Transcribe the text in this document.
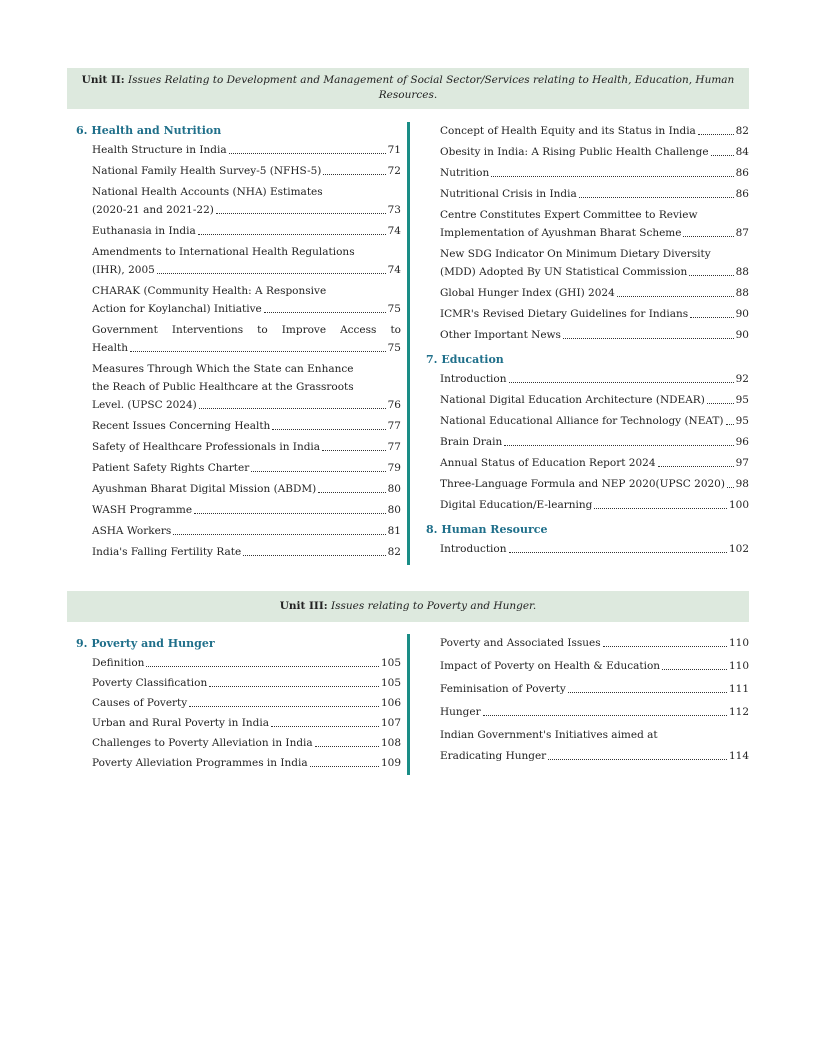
Unit II: Issues Relating to Development and Management of Social Sector/Services relating to Health, Education, Human Resources.
6. Health and Nutrition
Health Structure in India	71
National Family Health Survey-5 (NFHS-5)	72
National Health Accounts (NHA) Estimates
(2020-21 and 2021-22)	73
Euthanasia in India	74
Amendments to International Health Regulations
(IHR), 2005	74
CHARAK (Community Health: A Responsive
Action for Koylanchal) Initiative	75
Government Interventions to Improve Access to
Health	75
Measures Through Which the State can Enhance
the Reach of Public Healthcare at the Grassroots
Level. (UPSC 2024)	76
Recent Issues Concerning Health	77
Safety of Healthcare Professionals in India	77
Patient Safety Rights Charter	79
Ayushman Bharat Digital Mission (ABDM)	80
WASH Programme	80
ASHA Workers	81
India's Falling Fertility Rate	82
Concept of Health Equity and its Status in India	82
Obesity in India: A Rising Public Health Challenge	84
Nutrition	86
Nutritional Crisis in India	86
Centre Constitutes Expert Committee to Review
Implementation of Ayushman Bharat Scheme	87
New SDG Indicator On Minimum Dietary Diversity
(MDD) Adopted By UN Statistical Commission	88
Global Hunger Index (GHI) 2024	88
ICMR's Revised Dietary Guidelines for Indians	90
Other Important News	90
7. Education
Introduction	92
National Digital Education Architecture (NDEAR)	95
National Educational Alliance for Technology (NEAT) 95
Brain Drain	96
Annual Status of Education Report 2024	97
Three-Language Formula and NEP 2020(UPSC 2020) 98
Digital Education/E-learning	100
8. Human Resource
Introduction	102
Unit III: Issues relating to Poverty and Hunger.
9. Poverty and Hunger
Definition	105
Poverty Classification	105
Causes of Poverty	106
Urban and Rural Poverty in India	107
Challenges to Poverty Alleviation in India	108
Poverty Alleviation Programmes in India	109
Poverty and Associated Issues	110
Impact of Poverty on Health & Education	110
Feminisation of Poverty	111
Hunger	112
Indian Government's Initiatives aimed at
Eradicating Hunger	114
